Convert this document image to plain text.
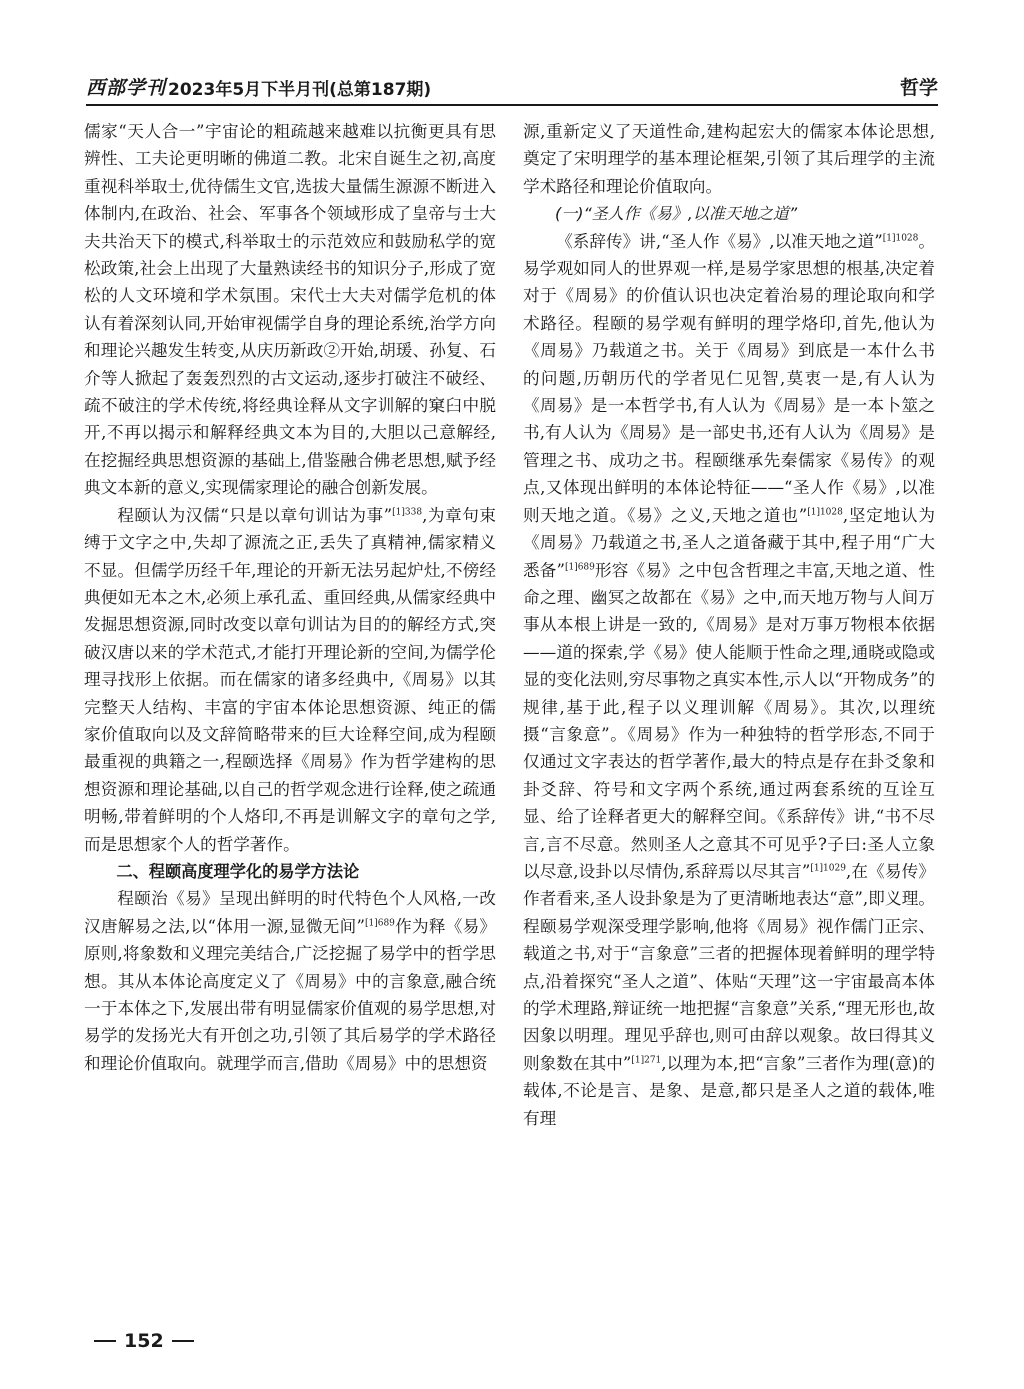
西部学刊 2023年5月下半月刊(总第187期)	哲学

儒家“天人合一”宇宙论的粗疏越来越难以抗衡更具有思辨性、工夫论更明晰的佛道二教。北宋自诞生之初,高度重视科举取士,优待儒生文官,选拔大量儒生源源不断进入体制内,在政治、社会、军事各个领域形成了皇帝与士大夫共治天下的模式,科举取士的示范效应和鼓励私学的宽松政策,社会上出现了大量熟读经书的知识分子,形成了宽松的人文环境和学术氛围。宋代士大夫对儒学危机的体认有着深刻认同,开始审视儒学自身的理论系统,治学方向和理论兴趣发生转变,从庆历新政②开始,胡瑗、孙复、石介等人掀起了轰轰烈烈的古文运动,逐步打破注不破经、疏不破注的学术传统,将经典诠释从文字训解的窠臼中脱开,不再以揭示和解释经典文本为目的,大胆以己意解经,在挖掘经典思想资源的基础上,借鉴融合佛老思想,赋予经典文本新的意义,实现儒家理论的融合创新发展。

程颐认为汉儒“只是以章句训诂为事”$^{[1]338}$,为章句束缚于文字之中,失却了源流之正,丢失了真精神,儒家精义不显。但儒学历经千年,理论的开新无法另起炉灶,不傍经典便如无本之木,必须上承孔孟、重回经典,从儒家经典中发掘思想资源,同时改变以章句训诂为目的的解经方式,突破汉唐以来的学术范式,才能打开理论新的空间,为儒学伦理寻找形上依据。而在儒家的诸多经典中,《周易》以其完整天人结构、丰富的宇宙本体论思想资源、纯正的儒家价值取向以及文辞简略带来的巨大诠释空间,成为程颐最重视的典籍之一,程颐选择《周易》作为哲学建构的思想资源和理论基础,以自己的哲学观念进行诠释,使之疏通明畅,带着鲜明的个人烙印,不再是训解文字的章句之学,而是思想家个人的哲学著作。

二、程颐高度理学化的易学方法论

程颐治《易》呈现出鲜明的时代特色个人风格,一改汉唐解易之法,以“体用一源,显微无间”$^{[1]689}$作为释《易》原则,将象数和义理完美结合,广泛挖掘了易学中的哲学思想。其从本体论高度定义了《周易》中的言象意,融合统一于本体之下,发展出带有明显儒家价值观的易学思想,对易学的发扬光大有开创之功,引领了其后易学的学术路径和理论价值取向。就理学而言,借助《周易》中的思想资

源,重新定义了天道性命,建构起宏大的儒家本体论思想,奠定了宋明理学的基本理论框架,引领了其后理学的主流学术路径和理论价值取向。

(一)“圣人作《易》,以准天地之道”

《系辞传》讲,“圣人作《易》,以准天地之道”$^{[1]1028}$。易学观如同人的世界观一样,是易学家思想的根基,决定着对于《周易》的价值认识也决定着治易的理论取向和学术路径。程颐的易学观有鲜明的理学烙印,首先,他认为《周易》乃载道之书。关于《周易》到底是一本什么书的问题,历朝历代的学者见仁见智,莫衷一是,有人认为《周易》是一本哲学书,有人认为《周易》是一本卜筮之书,有人认为《周易》是一部史书,还有人认为《周易》是管理之书、成功之书。程颐继承先秦儒家《易传》的观点,又体现出鲜明的本体论特征——“圣人作《易》,以准则天地之道。《易》之义,天地之道也”$^{[1]1028}$,坚定地认为《周易》乃载道之书,圣人之道备藏于其中,程子用“广大悉备”$^{[1]689}$形容《易》之中包含哲理之丰富,天地之道、性命之理、幽冥之故都在《易》之中,而天地万物与人间万事从本根上讲是一致的,《周易》是对万事万物根本依据——道的探索,学《易》使人能顺于性命之理,通晓或隐或显的变化法则,穷尽事物之真实本性,示人以“开物成务”的规律,基于此,程子以义理训解《周易》。其次,以理统摄“言象意”。《周易》作为一种独特的哲学形态,不同于仅通过文字表达的哲学著作,最大的特点是存在卦爻象和卦爻辞、符号和文字两个系统,通过两套系统的互诠互显、给了诠释者更大的解释空间。《系辞传》讲,“书不尽言,言不尽意。然则圣人之意其不可见乎?子曰:圣人立象以尽意,设卦以尽情伪,系辞焉以尽其言”$^{[1]1029}$,在《易传》作者看来,圣人设卦象是为了更清晰地表达“意”,即义理。程颐易学观深受理学影响,他将《周易》视作儒门正宗、载道之书,对于“言象意”三者的把握体现着鲜明的理学特点,沿着探究“圣人之道”、体贴“天理”这一宇宙最高本体的学术理路,辩证统一地把握“言象意”关系,“理无形也,故因象以明理。理见乎辞也,则可由辞以观象。故曰得其义则象数在其中”$^{[1]271}$,以理为本,把“言象”三者作为理(意)的载体,不论是言、是象、是意,都只是圣人之道的载体,唯有理

152
